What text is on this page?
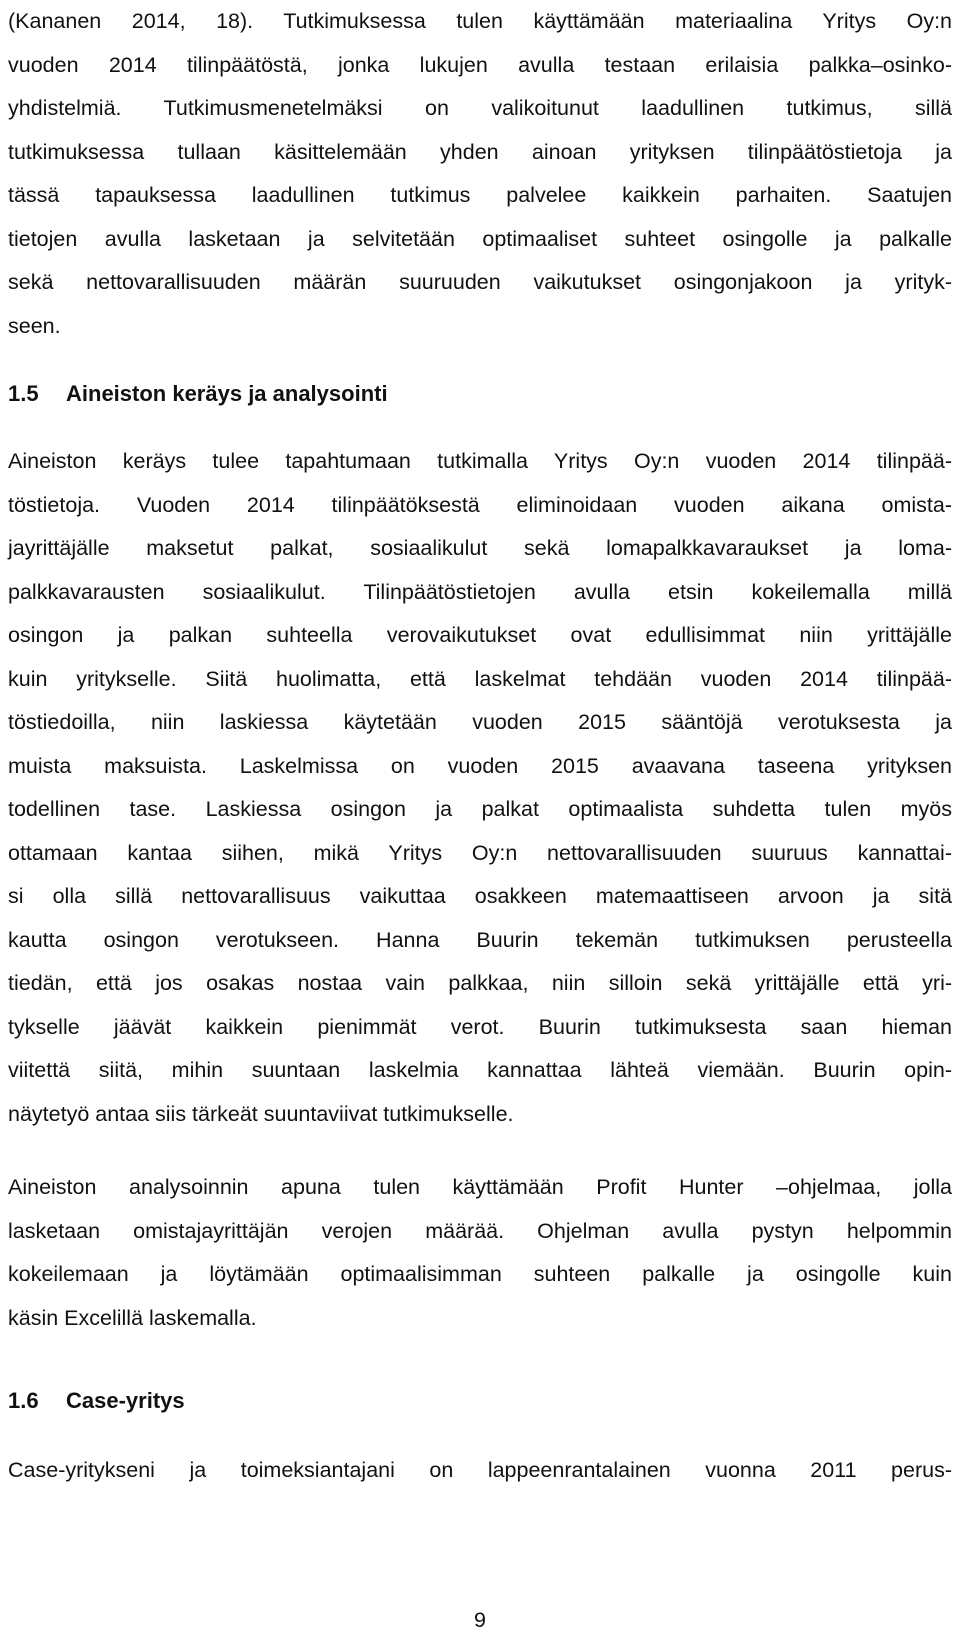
(Kananen 2014, 18). Tutkimuksessa tulen käyttämään materiaalina Yritys Oy:n
vuoden 2014 tilinpäätöstä, jonka lukujen avulla testaan erilaisia palkka–osinko-
yhdistelmiä. Tutkimusmenetelmäksi on valikoitunut laadullinen tutkimus, sillä
tutkimuksessa tullaan käsittelemään yhden ainoan yrityksen tilinpäätöstietoja ja
tässä tapauksessa laadullinen tutkimus palvelee kaikkein parhaiten. Saatujen
tietojen avulla lasketaan ja selvitetään optimaaliset suhteet osingolle ja palkalle
sekä nettovarallisuuden määrän suuruuden vaikutukset osingonjakoon ja yrityk-
seen.

1.5 Aineiston keräys ja analysointi

Aineiston keräys tulee tapahtumaan tutkimalla Yritys Oy:n vuoden 2014 tilinpää-
töstietoja. Vuoden 2014 tilinpäätöksestä eliminoidaan vuoden aikana omista-
jayrittäjälle maksetut palkat, sosiaalikulut sekä lomapalkkavaraukset ja loma-
palkkavarausten sosiaalikulut. Tilinpäätöstietojen avulla etsin kokeilemalla millä
osingon ja palkan suhteella verovaikutukset ovat edullisimmat niin yrittäjälle
kuin yritykselle. Siitä huolimatta, että laskelmat tehdään vuoden 2014 tilinpää-
töstiedoilla, niin laskiessa käytetään vuoden 2015 sääntöjä verotuksesta ja
muista maksuista. Laskelmissa on vuoden 2015 avaavana taseena yrityksen
todellinen tase. Laskiessa osingon ja palkat optimaalista suhdetta tulen myös
ottamaan kantaa siihen, mikä Yritys Oy:n nettovarallisuuden suuruus kannattai-
si olla sillä nettovarallisuus vaikuttaa osakkeen matemaattiseen arvoon ja sitä
kautta osingon verotukseen. Hanna Buurin tekemän tutkimuksen perusteella
tiedän, että jos osakas nostaa vain palkkaa, niin silloin sekä yrittäjälle että yri-
tykselle jäävät kaikkein pienimmät verot. Buurin tutkimuksesta saan hieman
viitettä siitä, mihin suuntaan laskelmia kannattaa lähteä viemään. Buurin opin-
näytetyö antaa siis tärkeät suuntaviivat tutkimukselle.

Aineiston analysoinnin apuna tulen käyttämään Profit Hunter –ohjelmaa, jolla
lasketaan omistajayrittäjän verojen määrää. Ohjelman avulla pystyn helpommin
kokeilemaan ja löytämään optimaalisimman suhteen palkalle ja osingolle kuin
käsin Excelillä laskemalla.

1.6 Case-yritys

Case-yritykseni ja toimeksiantajani on lappeenrantalainen vuonna 2011 perus-

9
